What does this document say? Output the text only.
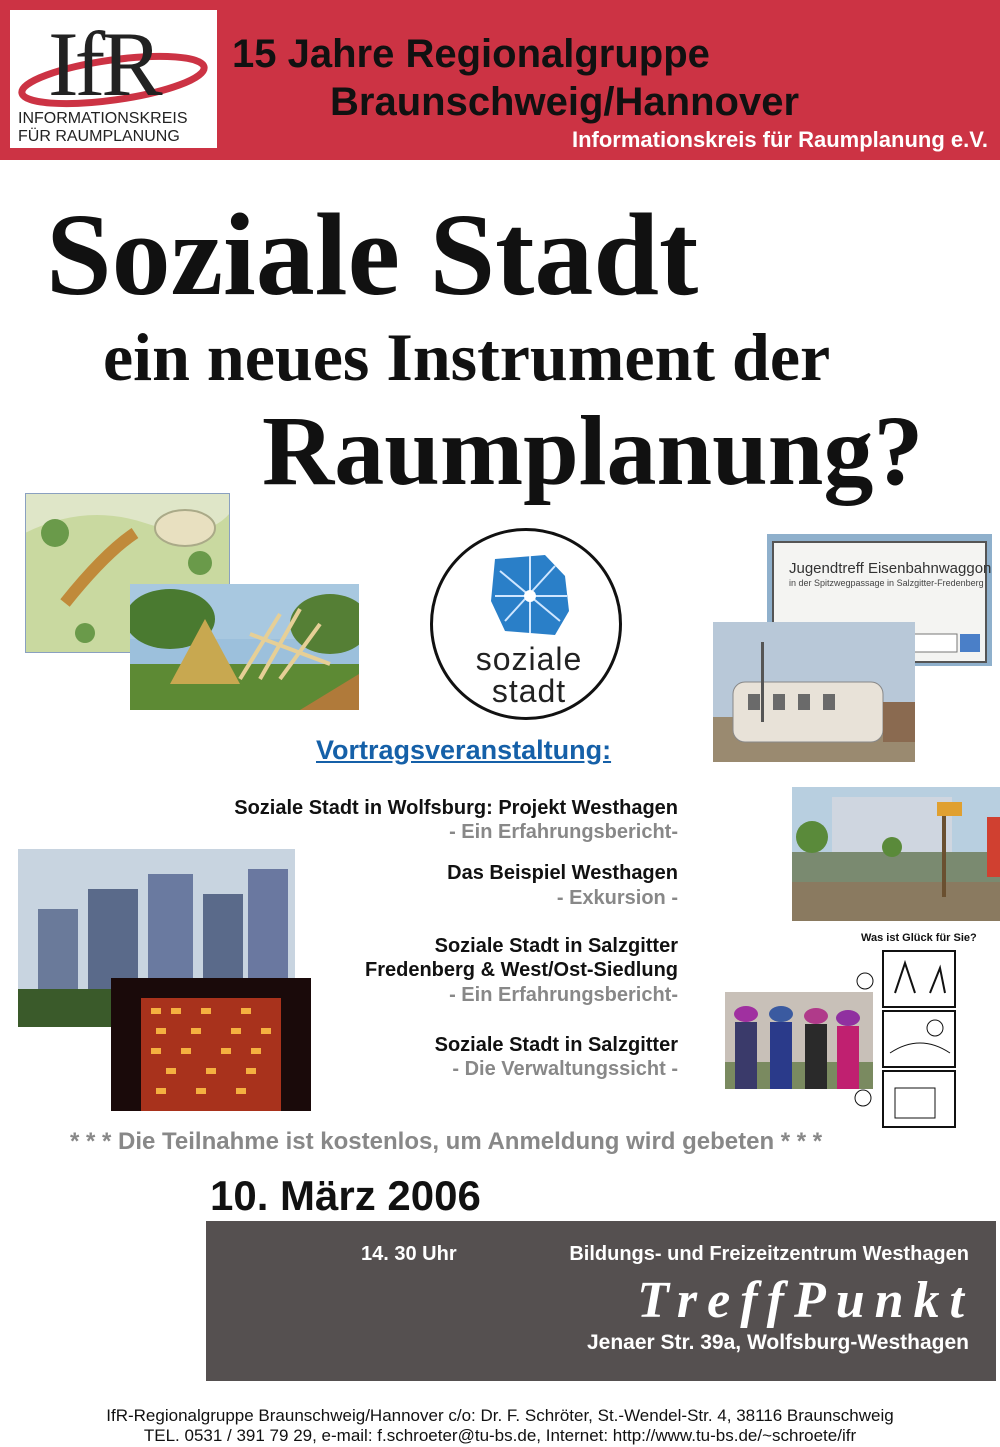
IfR
INFORMATIONSKREIS
FÜR RAUMPLANUNG
15 Jahre Regionalgruppe
Braunschweig/Hannover
Informationskreis für Raumplanung e.V.
Soziale Stadt
ein neues Instrument der
Raumplanung?
soziale
stadt
Jugendtreff Eisenbahnwaggon
in der Spitzwegpassage in Salzgitter-Fredenberg
Vortragsveranstaltung:
Soziale Stadt in Wolfsburg: Projekt Westhagen
- Ein Erfahrungsbericht-
Das Beispiel Westhagen
- Exkursion -
Soziale Stadt in Salzgitter
Fredenberg & West/Ost-Siedlung
- Ein Erfahrungsbericht-
Soziale Stadt in Salzgitter
- Die Verwaltungssicht -
Was ist Glück für Sie?
* * * Die Teilnahme ist kostenlos, um Anmeldung wird gebeten * * *
10. März 2006
14. 30 Uhr	Bildungs- und Freizeitzentrum Westhagen
TreffPunkt
Jenaer Str. 39a, Wolfsburg-Westhagen
IfR-Regionalgruppe Braunschweig/Hannover c/o: Dr. F. Schröter, St.-Wendel-Str. 4, 38116 Braunschweig
TEL. 0531 / 391 79 29, e-mail: f.schroeter@tu-bs.de, Internet: http://www.tu-bs.de/~schroete/ifr
